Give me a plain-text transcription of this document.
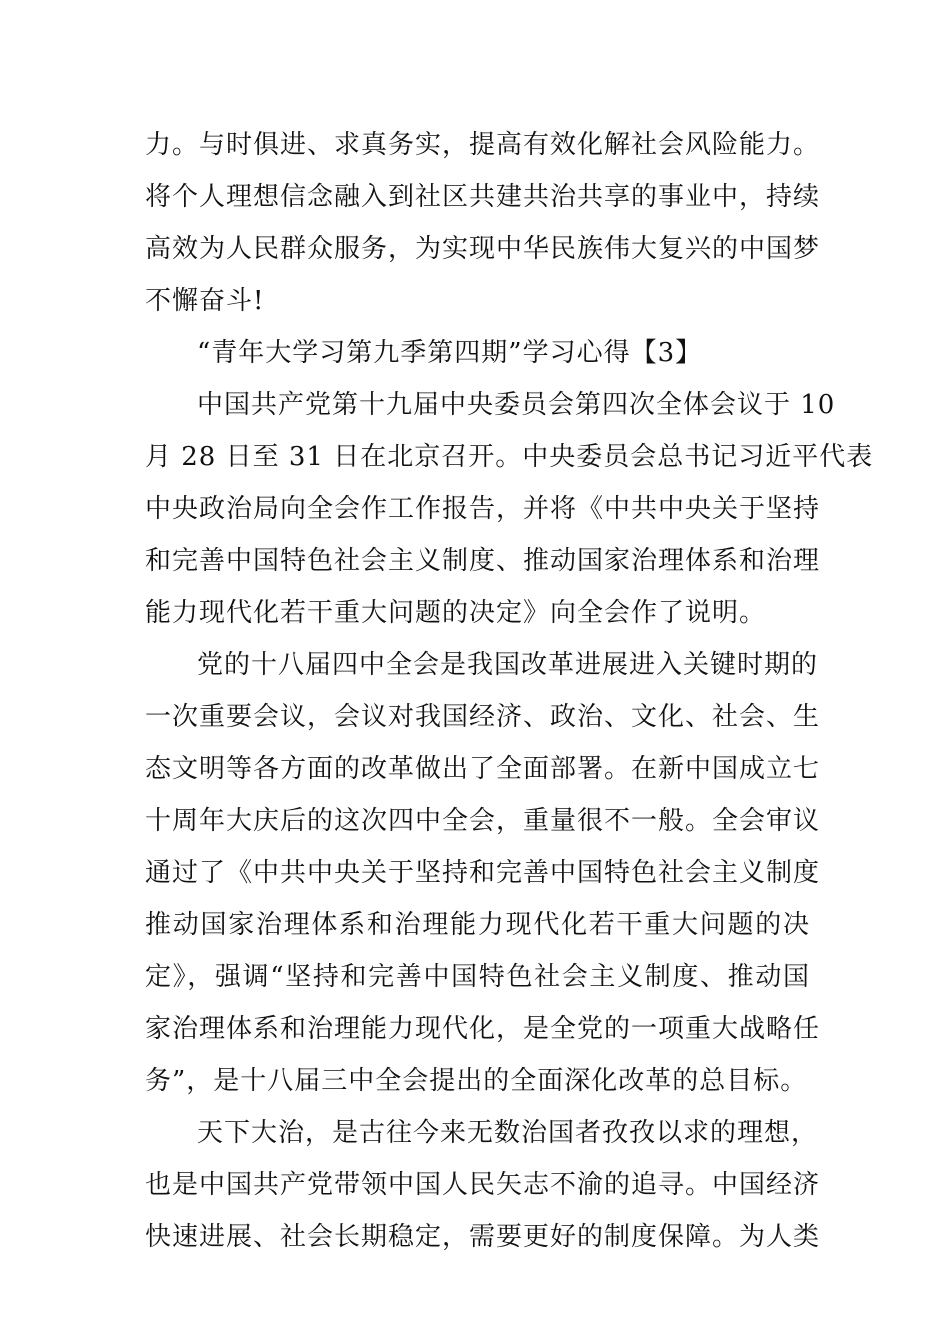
力。与时俱进、求真务实，提高有效化解社会风险能力。
将个人理想信念融入到社区共建共治共享的事业中，持续
高效为人民群众服务，为实现中华民族伟大复兴的中国梦
不懈奋斗!
“青年大学习第九季第四期”学习心得【3】
中国共产党第十九届中央委员会第四次全体会议于 10
月 28 日至 31 日在北京召开。中央委员会总书记习近平代表
中央政治局向全会作工作报告，并将《中共中央关于坚持
和完善中国特色社会主义制度、推动国家治理体系和治理
能力现代化若干重大问题的决定》向全会作了说明。
党的十八届四中全会是我国改革进展进入关键时期的
一次重要会议，会议对我国经济、政治、文化、社会、生
态文明等各方面的改革做出了全面部署。在新中国成立七
十周年大庆后的这次四中全会，重量很不一般。全会审议
通过了《中共中央关于坚持和完善中国特色社会主义制度
推动国家治理体系和治理能力现代化若干重大问题的决
定》，强调“坚持和完善中国特色社会主义制度、推动国
家治理体系和治理能力现代化，是全党的一项重大战略任
务”，是十八届三中全会提出的全面深化改革的总目标。
天下大治，是古往今来无数治国者孜孜以求的理想，
也是中国共产党带领中国人民矢志不渝的追寻。中国经济
快速进展、社会长期稳定，需要更好的制度保障。为人类
